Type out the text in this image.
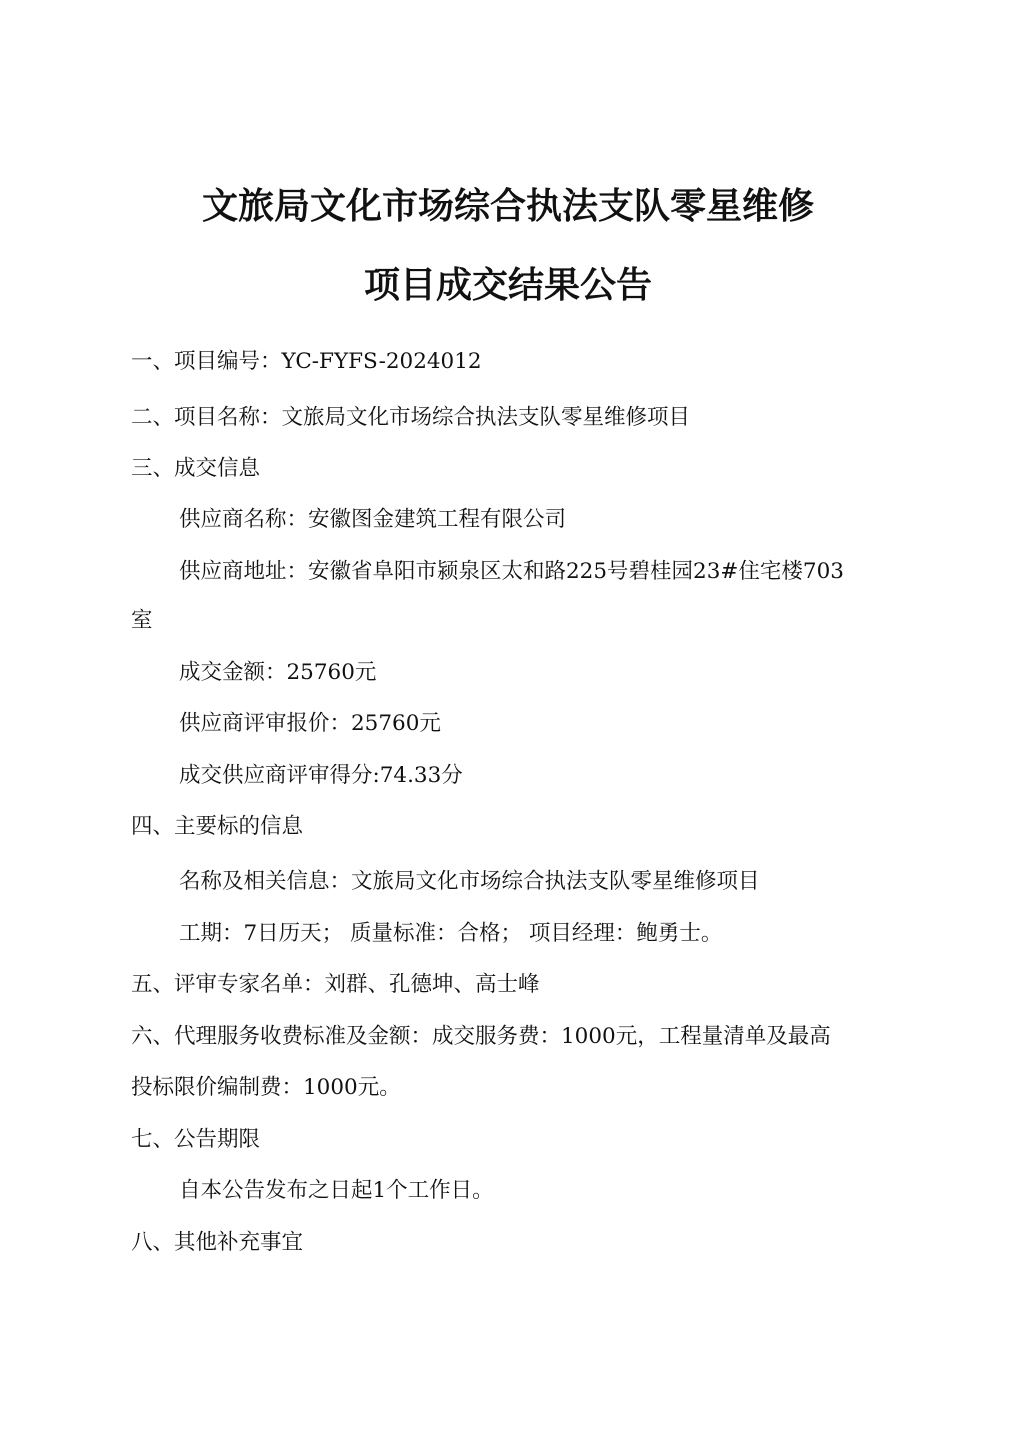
文旅局文化市场综合执法支队零星维修
项目成交结果公告
一、项目编号：YC-FYFS-2024012
二、项目名称：文旅局文化市场综合执法支队零星维修项目
三、成交信息
供应商名称：安徽图金建筑工程有限公司
供应商地址：安徽省阜阳市颍泉区太和路225号碧桂园23#住宅楼703
室
成交金额：25760元
供应商评审报价：25760元
成交供应商评审得分:74.33分
四、主要标的信息
名称及相关信息：文旅局文化市场综合执法支队零星维修项目
工期：7日历天； 质量标准：合格； 项目经理：鲍勇士。
五、评审专家名单：刘群、孔德坤、高士峰
六、代理服务收费标准及金额：成交服务费：1000元，工程量清单及最高
投标限价编制费：1000元。
七、公告期限
自本公告发布之日起1个工作日。
八、其他补充事宜
